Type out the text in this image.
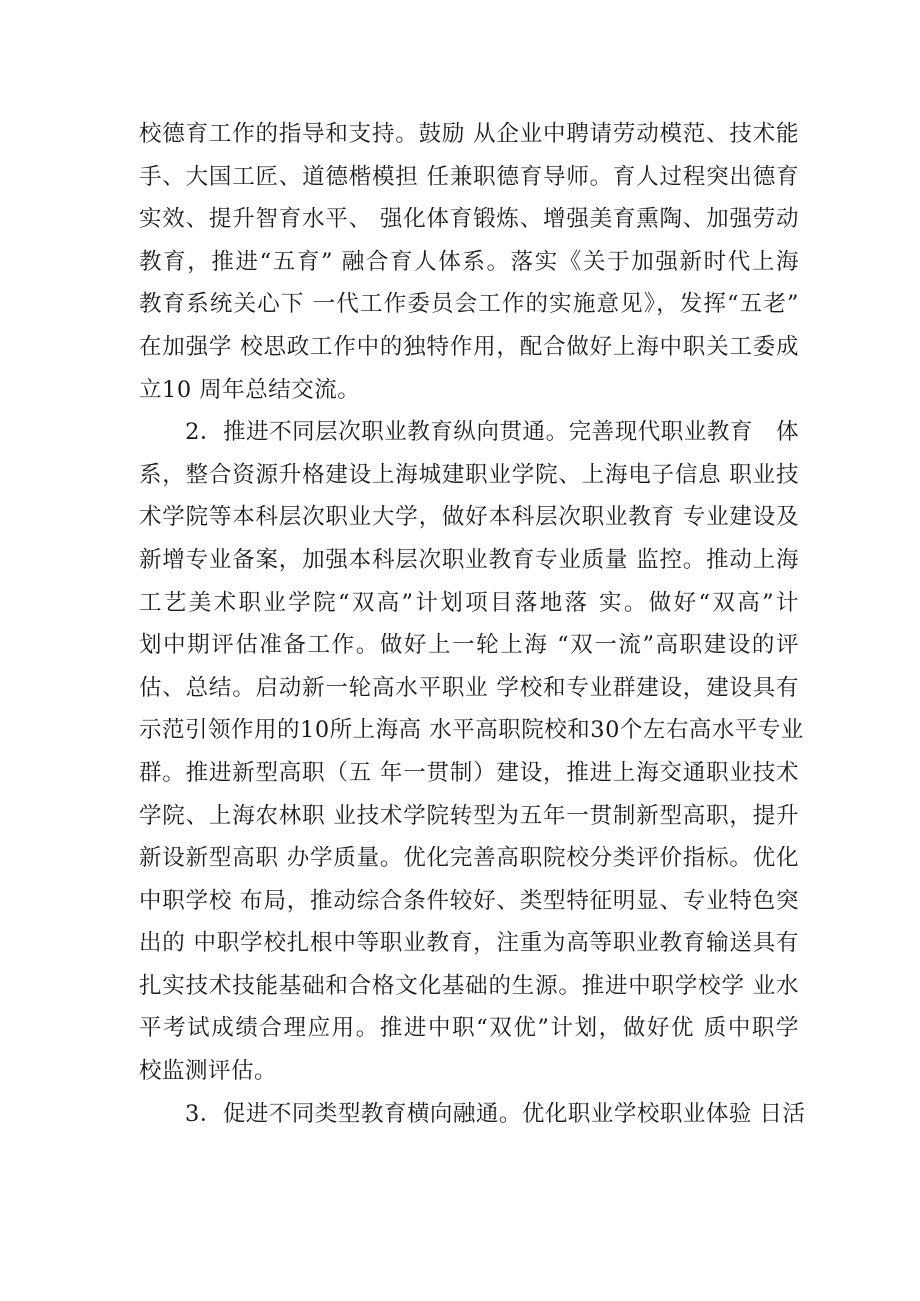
校德育工作的指导和支持。鼓励 从企业中聘请劳动模范、技术能
手、大国工匠、道德楷模担 任兼职德育导师。育人过程突出德育
实效、提升智育水平、 强化体育锻炼、增强美育熏陶、加强劳动
教育，推进“五育” 融合育人体系。落实《关于加强新时代上海
教育系统关心下 一代工作委员会工作的实施意见》，发挥“五老”
在加强学 校思政工作中的独特作用，配合做好上海中职关工委成
立10 周年总结交流。
　　2．推进不同层次职业教育纵向贯通。完善现代职业教育　体
系，整合资源升格建设上海城建职业学院、上海电子信息 职业技
术学院等本科层次职业大学，做好本科层次职业教育 专业建设及
新增专业备案，加强本科层次职业教育专业质量 监控。推动上海
工艺美术职业学院“双高”计划项目落地落 实。做好“双高”计
划中期评估准备工作。做好上一轮上海 “双一流”高职建设的评
估、总结。启动新一轮高水平职业 学校和专业群建设，建设具有
示范引领作用的10所上海高 水平高职院校和30个左右高水平专业
群。推进新型高职（五 年一贯制）建设，推进上海交通职业技术
学院、上海农林职 业技术学院转型为五年一贯制新型高职，提升
新设新型高职 办学质量。优化完善高职院校分类评价指标。优化
中职学校 布局，推动综合条件较好、类型特征明显、专业特色突
出的 中职学校扎根中等职业教育，注重为高等职业教育输送具有
扎实技术技能基础和合格文化基础的生源。推进中职学校学 业水
平考试成绩合理应用。推进中职“双优”计划，做好优 质中职学
校监测评估。
　　3．促进不同类型教育横向融通。优化职业学校职业体验 日活
